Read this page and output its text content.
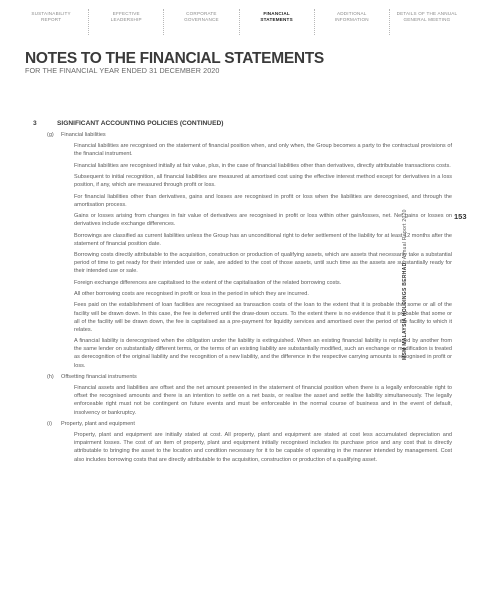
SUSTAINABILITY
REPORT
EFFECTIVE
LEADERSHIP
CORPORATE
GOVERNANCE
FINANCIAL
STATEMENTS
ADDITIONAL
INFORMATION
DETAILS OF THE ANNUAL
GENERAL MEETING
NOTES TO THE FINANCIAL STATEMENTS
FOR THE FINANCIAL YEAR ENDED 31 DECEMBER 2020
3	SIGNIFICANT ACCOUNTING POLICIES (CONTINUED)
(g)	Financial liabilities

Financial liabilities are recognised on the statement of financial position when, and only when, the Group becomes a party to the contractual provisions of the financial instrument.

Financial liabilities are recognised initially at fair value, plus, in the case of financial liabilities other than derivatives, directly attributable transactions costs.

Subsequent to initial recognition, all financial liabilities are measured at amortised cost using the effective interest method except for derivatives in a loss position, if any, which are measured through profit or loss.

For financial liabilities other than derivatives, gains and losses are recognised in profit or loss when the liabilities are derecognised, and through the amortisation process.

Gains or losses arising from changes in fair value of derivatives are recognised in profit or loss within other gain/losses, net. Net gains or losses on derivatives include exchange differences.

Borrowings are classified as current liabilities unless the Group has an unconditional right to defer settlement of the liability for at least 12 months after the statement of financial position date.

Borrowing costs directly attributable to the acquisition, construction or production of qualifying assets, which are assets that necessarily take a substantial period of time to get ready for their intended use or sale, are added to the cost of those assets, until such time as the assets are substantially ready for their intended use or sale.

Foreign exchange differences are capitalised to the extent of the capitalisation of the related borrowing costs.

All other borrowing costs are recognised in profit or loss in the period in which they are incurred.

Fees paid on the establishment of loan facilities are recognised as transaction costs of the loan to the extent that it is probable that some or all of the facility will be drawn down. In this case, the fee is deferred until the draw-down occurs. To the extent there is no evidence that it is probable that some or all of the facility will be drawn down, the fee is capitalised as a pre-payment for liquidity services and amortised over the period of the facility to which it relates.

A financial liability is derecognised when the obligation under the liability is extinguished. When an existing financial liability is replaced by another from the same lender on substantially different terms, or the terms of an existing liability are substantially modified, such an exchange or modification is treated as derecognition of the original liability and the recognition of a new liability, and the difference in the respective carrying amounts is recognised in profit or loss.

(h)	Offsetting financial instruments

Financial assets and liabilities are offset and the net amount presented in the statement of financial position when there is a legally enforceable right to offset the recognised amounts and there is an intention to settle on a net basis, or realise the asset and settle the liability simultaneously. The legally enforceable right must not be contingent on future events and must be enforceable in the normal course of business and in the event of default, insolvency or bankruptcy.

(i)	Property, plant and equipment

Property, plant and equipment are initially stated at cost. All property, plant and equipment are stated at cost less accumulated depreciation and impairment losses. The cost of an item of property, plant and equipment initially recognised includes its purchase price and any cost that is directly attributable to bringing the asset to the location and condition necessary for it to be capable of operating in the manner intended by management. Cost also includes borrowing costs that are directly attributable to the acquisition, construction or production of a qualifying asset.

153
MSM MALAYSIA HOLDINGS BERHAD  Annual Report 2020
